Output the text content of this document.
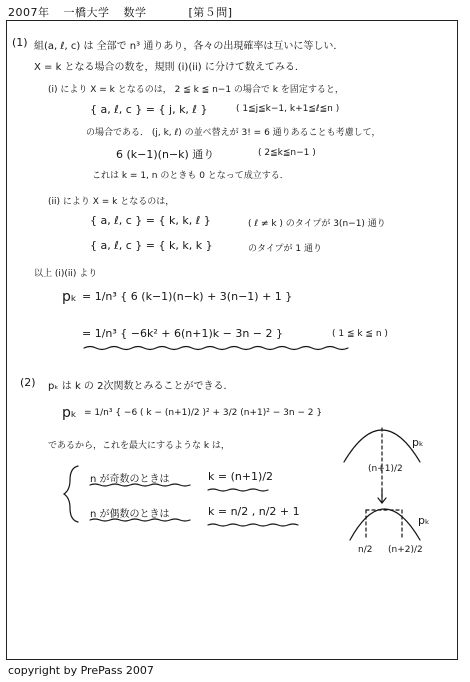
2007年 一橋大学 数学	[第５問]
(1) 組(a, ℓ, c) は 全部で n³ 通りあり，各々の出現確率は互いに等しい．
X = k となる場合の数を，規則 (i)(ii) に分けて数えてみる．
(i) により X = k となるのは， 2 ≦ k ≦ n−1 の場合で k を固定すると，
{ a, ℓ, c } = { j, k, ℓ }	( 1≦j≦k−1, k+1≦ℓ≦n )
の場合である． (j, k, ℓ) の並べ替えが 3! = 6 通りあることも考慮して，
6 (k−1)(n−k) 通り	( 2≦k≦n−1 )
これは k = 1, n のときも 0 となって成立する．
(ii) により X = k となるのは，
{ a, ℓ, c } = { k, k, ℓ }	( ℓ ≠ k ) のタイプが 3(n−1) 通り
{ a, ℓ, c } = { k, k, k }	のタイプが 1 通り
以上 (i)(ii) より
pₖ = 1/n³ { 6 (k−1)(n−k) + 3(n−1) + 1 }
= 1/n³ { −6k² + 6(n+1)k − 3n − 2 }	( 1 ≦ k ≦ n )
(2) pₖ は k の 2次関数とみることができる．
pₖ = 1/n³ { −6 ( k − (n+1)/2 )² + 3/2 (n+1)² − 3n − 2 }
であるから，これを最大にするような k は，
n が奇数のときは	k = (n+1)/2
n が偶数のときは	k = n/2 , n/2 + 1
pₖ
(n+1)/2
pₖ
n/2 (n+2)/2
copyright by PrePass 2007
